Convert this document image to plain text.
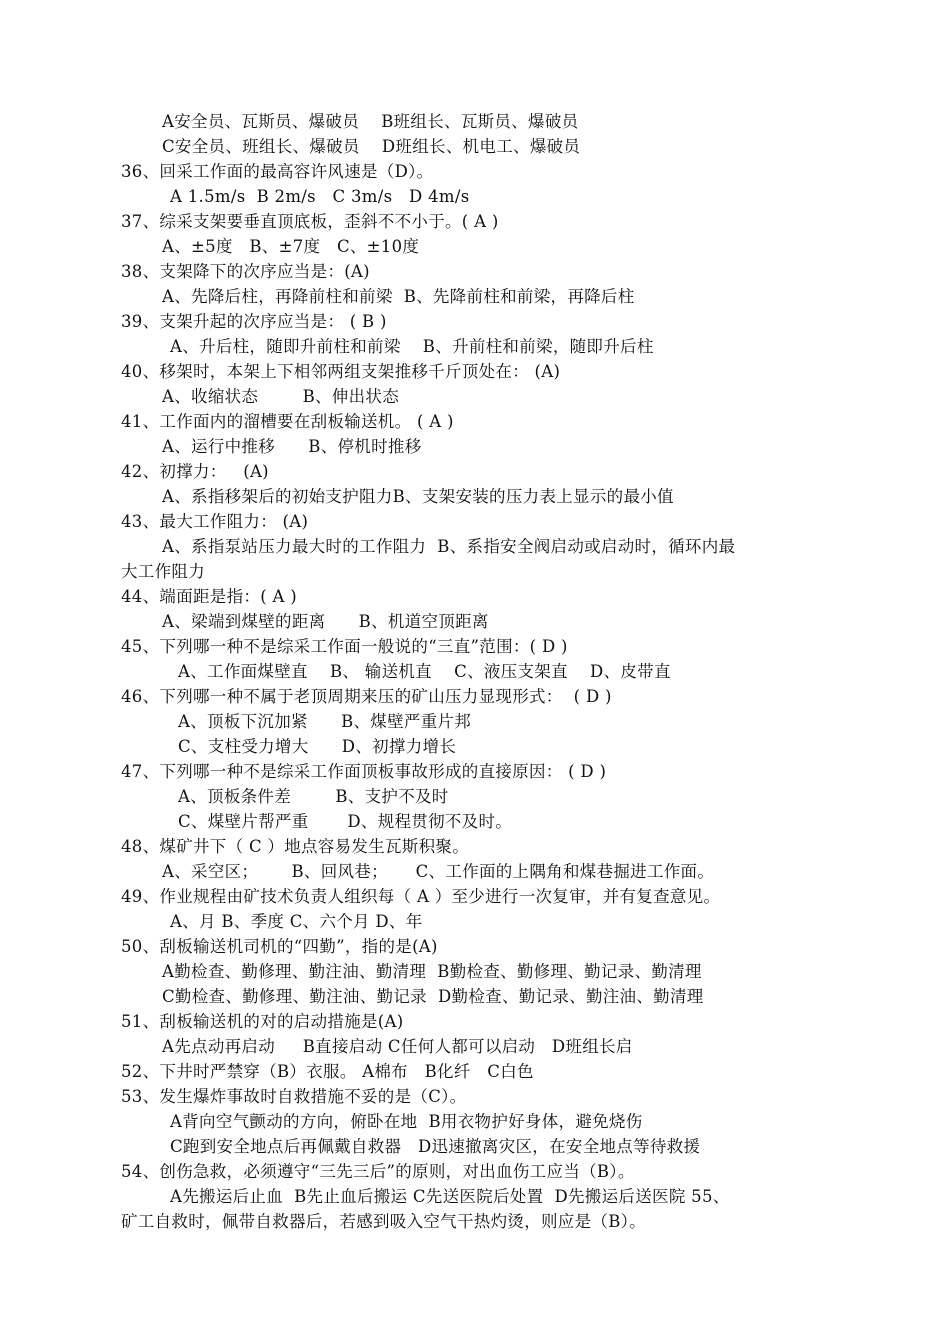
A安全员、瓦斯员、爆破员    B班组长、瓦斯员、爆破员
C安全员、班组长、爆破员    D班组长、机电工、爆破员
36、回采工作面的最高容许风速是（D）。
A 1.5m/s  B 2m/s   C 3m/s   D 4m/s
37、综采支架要垂直顶底板，歪斜不不小于。( A )
A、±5度   B、±7度   C、±10度
38、支架降下的次序应当是：(A)
A、先降后柱，再降前柱和前梁  B、先降前柱和前梁，再降后柱
39、支架升起的次序应当是： ( B )
A、升后柱，随即升前柱和前梁    B、升前柱和前梁，随即升后柱
40、移架时，本架上下相邻两组支架推移千斤顶处在： (A)
A、收缩状态        B、伸出状态
41、工作面内的溜槽要在刮板输送机。 ( A )
A、运行中推移      B、停机时推移
42、初撑力：   (A)
A、系指移架后的初始支护阻力B、支架安装的压力表上显示的最小值
43、最大工作阻力： (A)
A、系指泵站压力最大时的工作阻力  B、系指安全阀启动或启动时，循环内最
大工作阻力
44、端面距是指：( A )
A、梁端到煤壁的距离      B、机道空顶距离
45、下列哪一种不是综采工作面一般说的“三直”范围：( D )
A、工作面煤壁直    B、 输送机直    C、液压支架直    D、皮带直
46、下列哪一种不属于老顶周期来压的矿山压力显现形式：  ( D )
A、顶板下沉加紧      B、煤壁严重片邦
C、支柱受力增大      D、初撑力增长
47、下列哪一种不是综采工作面顶板事故形成的直接原因： ( D )
A、顶板条件差        B、支护不及时
C、煤壁片帮严重       D、规程贯彻不及时。
48、煤矿井下（ C ）地点容易发生瓦斯积聚。
A、采空区；      B、回风巷；     C、工作面的上隅角和煤巷掘进工作面。
49、作业规程由矿技术负责人组织每（ A ）至少进行一次复审，并有复查意见。
A、月 B、季度 C、六个月 D、年
50、刮板输送机司机的“四勤”，指的是(A)
A勤检查、勤修理、勤注油、勤清理  B勤检查、勤修理、勤记录、勤清理
C勤检查、勤修理、勤注油、勤记录  D勤检查、勤记录、勤注油、勤清理
51、刮板输送机的对的启动措施是(A)
A先点动再启动     B直接启动 C任何人都可以启动   D班组长启
52、下井时严禁穿（B）衣服。 A棉布   B化纤   C白色
53、发生爆炸事故时自救措施不妥的是（C）。
A背向空气颤动的方向，俯卧在地  B用衣物护好身体，避免烧伤
C跑到安全地点后再佩戴自救器   D迅速撤离灾区，在安全地点等待救援
54、创伤急救，必须遵守“三先三后”的原则，对出血伤工应当（B）。
A先搬运后止血  B先止血后搬运 C先送医院后处置  D先搬运后送医院 55、
矿工自救时，佩带自救器后，若感到吸入空气干热灼烫，则应是（B）。
